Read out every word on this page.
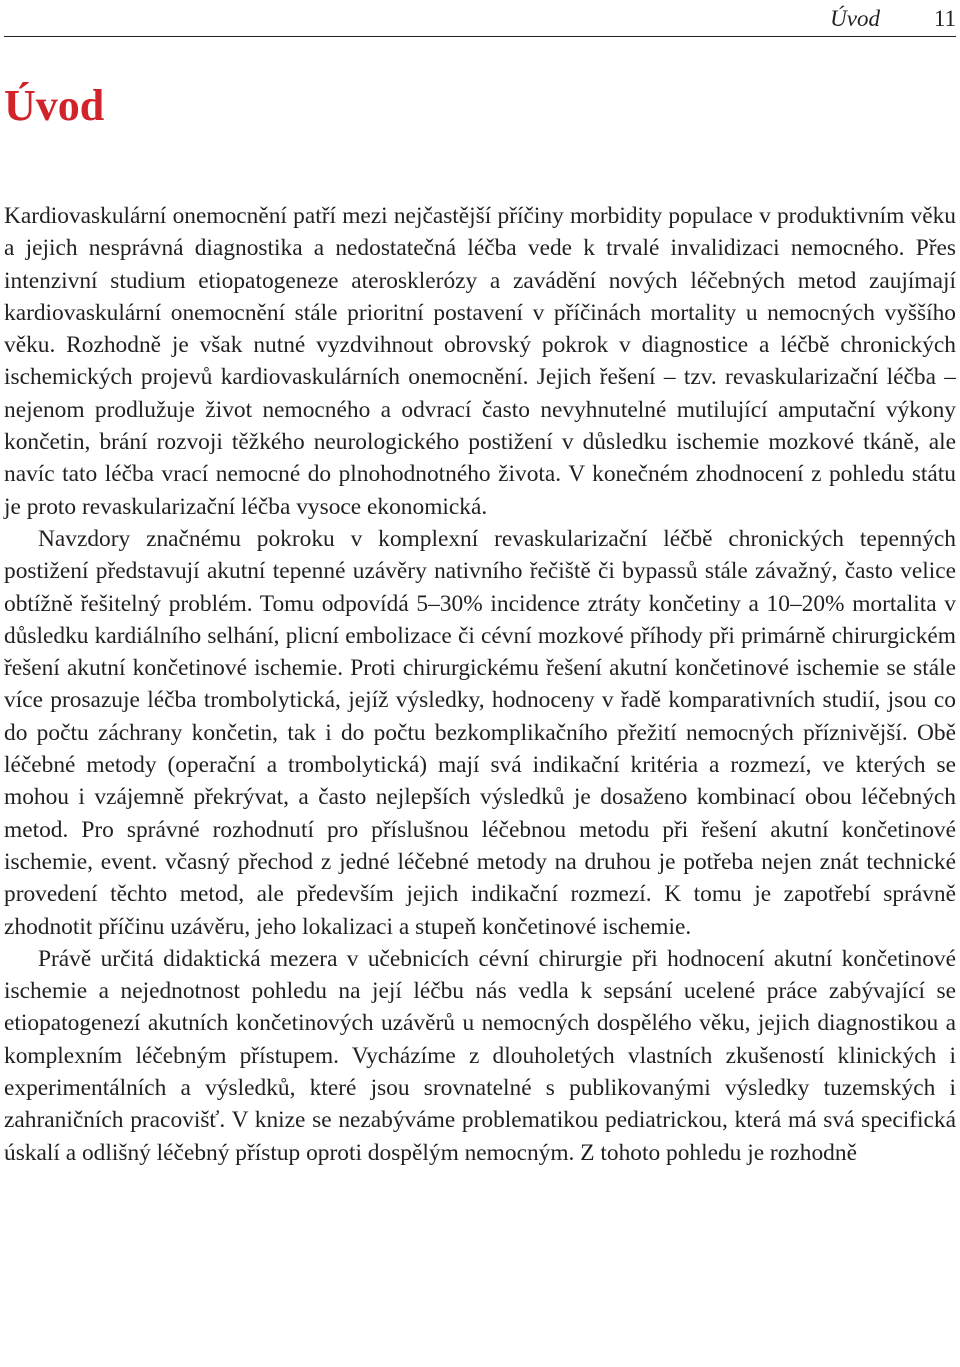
Úvod 11
Úvod

Kardiovaskulární onemocnění patří mezi nejčastější příčiny morbidity populace v produktivním věku a jejich nesprávná diagnostika a nedostatečná léčba vede k trvalé invalidizaci nemocného. Přes intenzivní studium etiopatogeneze aterosklerózy a zavádění nových léčebných metod zaujímají kardiovaskulární onemocnění stále prioritní postavení v příčinách mortality u nemocných vyššího věku. Rozhodně je však nutné vyzdvihnout obrovský pokrok v diagnostice a léčbě chronických ischemických projevů kardiovaskulárních onemocnění. Jejich řešení – tzv. revaskularizační léčba – nejenom prodlužuje život nemocného a odvrací často nevyhnutelné mutilující amputační výkony končetin, brání rozvoji těžkého neurologického postižení v důsledku ischemie mozkové tkáně, ale navíc tato léčba vrací nemocné do plnohodnotného života. V konečném zhodnocení z pohledu státu je proto revaskularizační léčba vysoce ekonomická.

Navzdory značnému pokroku v komplexní revaskularizační léčbě chronických tepenných postižení představují akutní tepenné uzávěry nativního řečiště či bypassů stále závažný, často velice obtížně řešitelný problém. Tomu odpovídá 5–30% incidence ztráty končetiny a 10–20% mortalita v důsledku kardiálního selhání, plicní embolizace či cévní mozkové příhody při primárně chirurgickém řešení akutní končetinové ischemie. Proti chirurgickému řešení akutní končetinové ischemie se stále více prosazuje léčba trombolytická, jejíž výsledky, hodnoceny v řadě komparativních studií, jsou co do počtu záchrany končetin, tak i do počtu bezkomplikačního přežití nemocných příznivější. Obě léčebné metody (operační a trombolytická) mají svá indikační kritéria a rozmezí, ve kterých se mohou i vzájemně překrývat, a často nejlepších výsledků je dosaženo kombinací obou léčebných metod. Pro správné rozhodnutí pro příslušnou léčebnou metodu při řešení akutní končetinové ischemie, event. včasný přechod z jedné léčebné metody na druhou je potřeba nejen znát technické provedení těchto metod, ale především jejich indikační rozmezí. K tomu je zapotřebí správně zhodnotit příčinu uzávěru, jeho lokalizaci a stupeň končetinové ischemie.

Právě určitá didaktická mezera v učebnicích cévní chirurgie při hodnocení akutní končetinové ischemie a nejednotnost pohledu na její léčbu nás vedla k sepsání ucelené práce zabývající se etiopatogenezí akutních končetinových uzávěrů u nemocných dospělého věku, jejich diagnostikou a komplexním léčebným přístupem. Vycházíme z dlouholetých vlastních zkušeností klinických i experimentálních a výsledků, které jsou srovnatelné s publikovanými výsledky tuzemských i zahraničních pracovišť. V knize se nezabýváme problematikou pediatrickou, která má svá specifická úskalí a odlišný léčebný přístup oproti dospělým nemocným. Z tohoto pohledu je rozhodně
